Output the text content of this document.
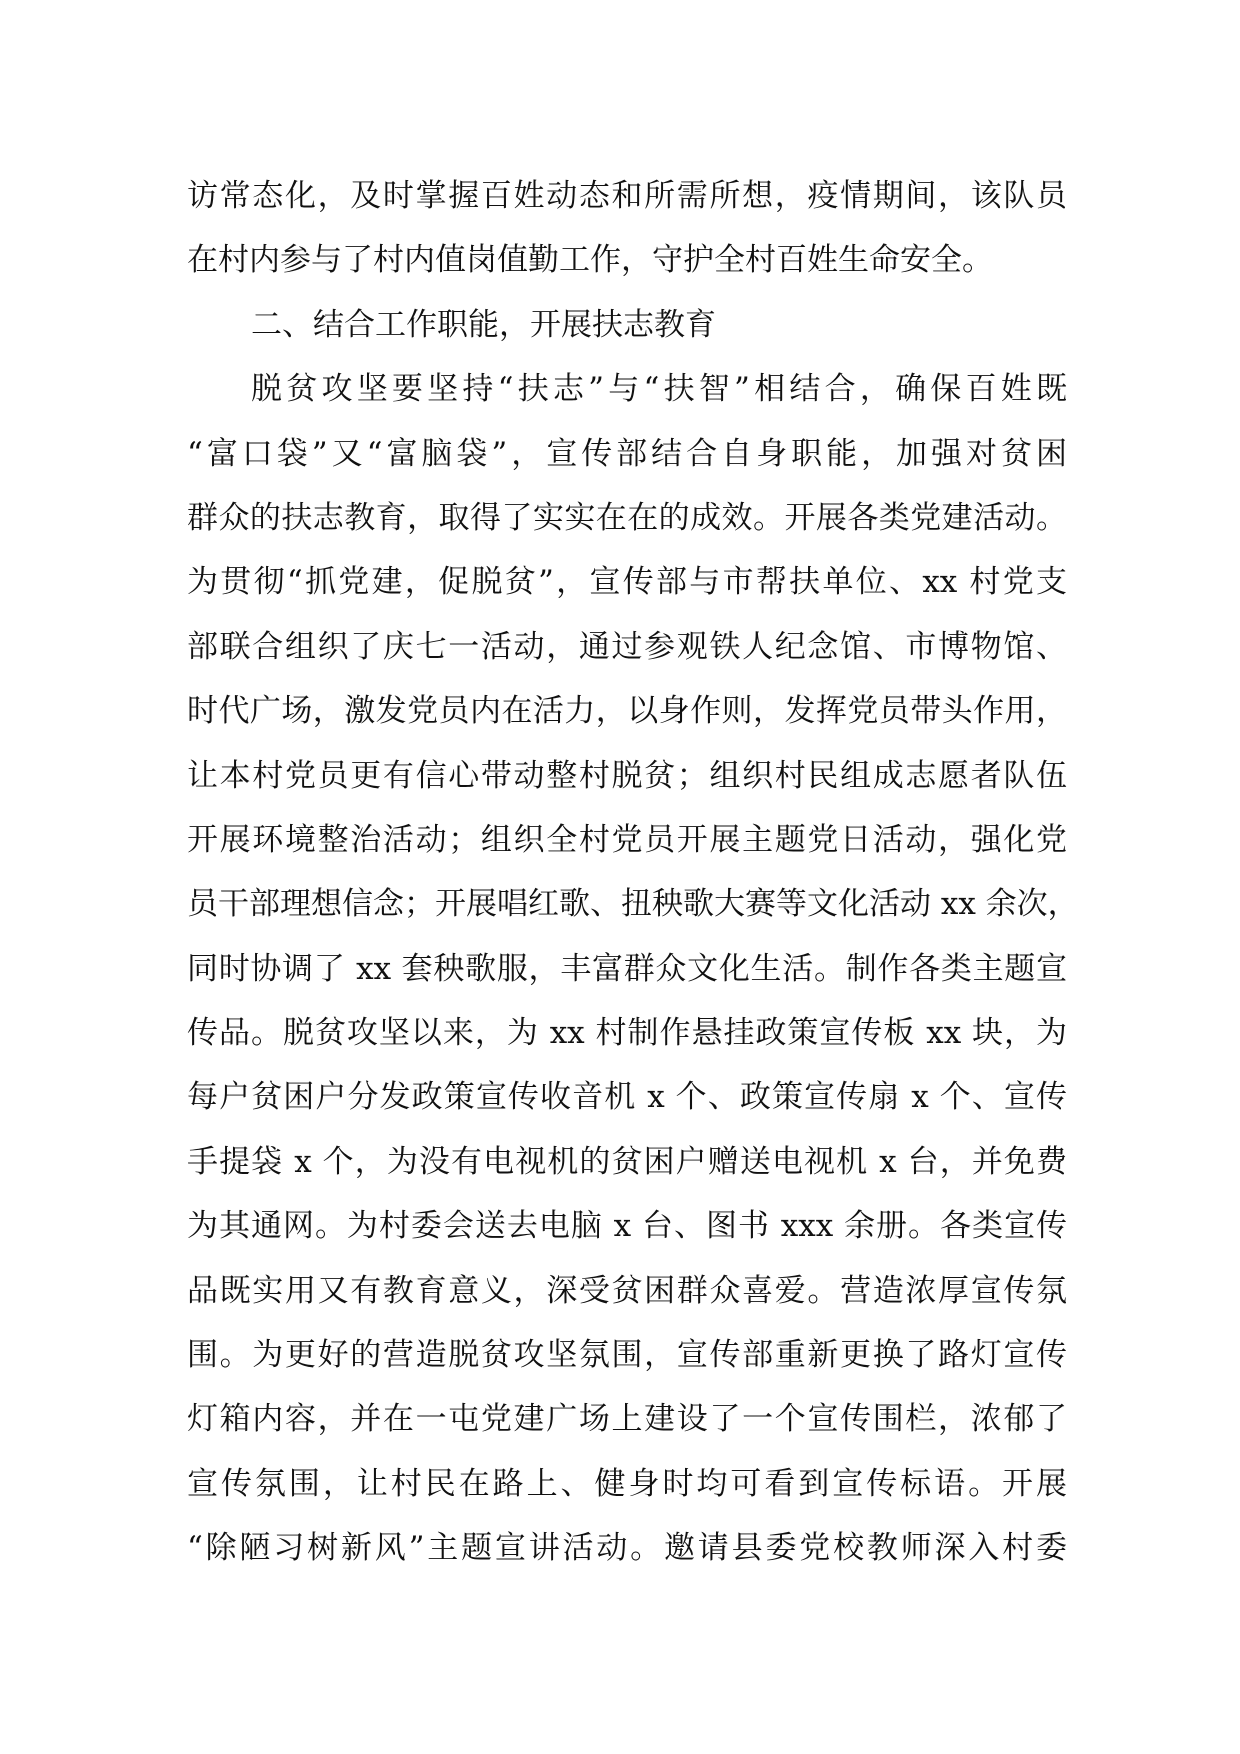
访常态化，及时掌握百姓动态和所需所想，疫情期间，该队员
在村内参与了村内值岗值勤工作，守护全村百姓生命安全。
二、结合工作职能，开展扶志教育
脱贫攻坚要坚持“扶志”与“扶智”相结合，确保百姓既
“富口袋”又“富脑袋”，宣传部结合自身职能，加强对贫困
群众的扶志教育，取得了实实在在的成效。开展各类党建活动。
为贯彻“抓党建，促脱贫”，宣传部与市帮扶单位、xx 村党支
部联合组织了庆七一活动，通过参观铁人纪念馆、市博物馆、
时代广场，激发党员内在活力，以身作则，发挥党员带头作用，
让本村党员更有信心带动整村脱贫；组织村民组成志愿者队伍
开展环境整治活动；组织全村党员开展主题党日活动，强化党
员干部理想信念；开展唱红歌、扭秧歌大赛等文化活动 xx 余次，
同时协调了 xx 套秧歌服，丰富群众文化生活。制作各类主题宣
传品。脱贫攻坚以来，为 xx 村制作悬挂政策宣传板 xx 块，为
每户贫困户分发政策宣传收音机 x 个、政策宣传扇 x 个、宣传
手提袋 x 个，为没有电视机的贫困户赠送电视机 x 台，并免费
为其通网。为村委会送去电脑 x 台、图书 xxx 余册。各类宣传
品既实用又有教育意义，深受贫困群众喜爱。营造浓厚宣传氛
围。为更好的营造脱贫攻坚氛围，宣传部重新更换了路灯宣传
灯箱内容，并在一屯党建广场上建设了一个宣传围栏，浓郁了
宣传氛围，让村民在路上、健身时均可看到宣传标语。开展
“除陋习树新风”主题宣讲活动。邀请县委党校教师深入村委
